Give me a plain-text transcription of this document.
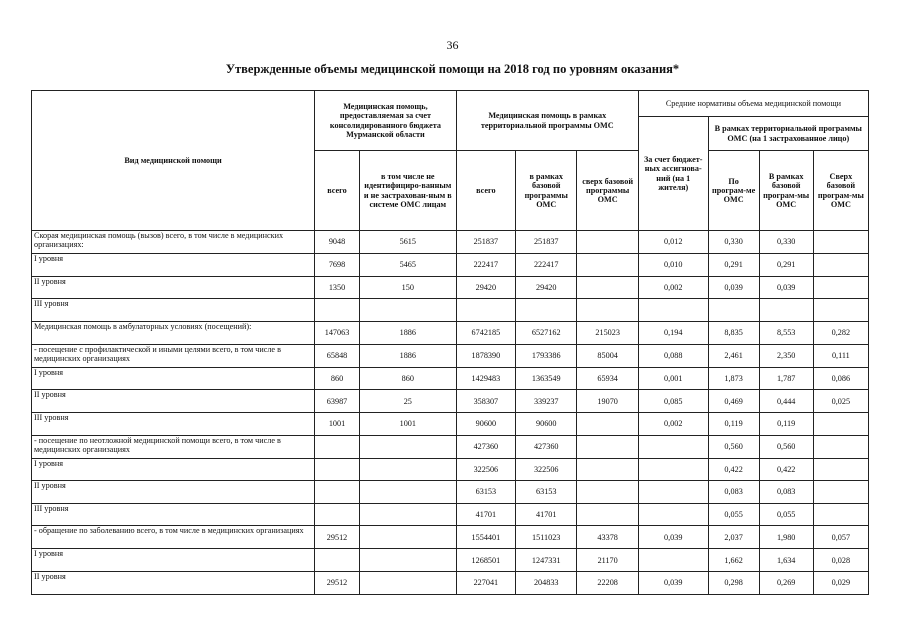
36
Утвержденные объемы медицинской помощи на 2018 год по уровням оказания*
Вид медицинской помощи	Медицинская помощь, предоставляемая за счет консолидированного бюджета Мурманской области		Медицинская помощь в рамках территориальной программы ОМС			Средние нормативы объема медицинской помощи			
						За счет бюджет-ных ассигнова-ний (на 1 жителя)	В рамках территориальной программы ОМС (на 1 застрахованное лицо)		
	всего	в том числе не идентифициро-ванным и не застрахован-ным в системе ОМС лицам	всего	в рамках базовой программы ОМС	сверх базовой программы ОМС		По програм-ме ОМС	В рамках базовой програм-мы ОМС	Сверх базовой програм-мы ОМС
Скорая медицинская помощь (вызов) всего, в том числе в медицинских организациях:	9048	5615	251837	251837		0,012	0,330	0,330	
I уровня	7698	5465	222417	222417		0,010	0,291	0,291	
II уровня	1350	150	29420	29420		0,002	0,039	0,039	
III уровня									
Медицинская помощь в амбулаторных условиях (посещений):	147063	1886	6742185	6527162	215023	0,194	8,835	8,553	0,282
- посещение с профилактической и иными целями всего, в том числе в медицинских организациях	65848	1886	1878390	1793386	85004	0,088	2,461	2,350	0,111
I уровня	860	860	1429483	1363549	65934	0,001	1,873	1,787	0,086
II уровня	63987	25	358307	339237	19070	0,085	0,469	0,444	0,025
III уровня	1001	1001	90600	90600		0,002	0,119	0,119	
- посещение по неотложной медицинской помощи всего, в том числе в медицинских организациях			427360	427360			0,560	0,560	
I уровня			322506	322506			0,422	0,422	
II уровня			63153	63153			0,083	0,083	
III уровня			41701	41701			0,055	0,055	
- обращение по заболеванию всего, в том числе в медицинских организациях	29512		1554401	1511023	43378	0,039	2,037	1,980	0,057
I уровня			1268501	1247331	21170		1,662	1,634	0,028
II уровня	29512		227041	204833	22208	0,039	0,298	0,269	0,029
